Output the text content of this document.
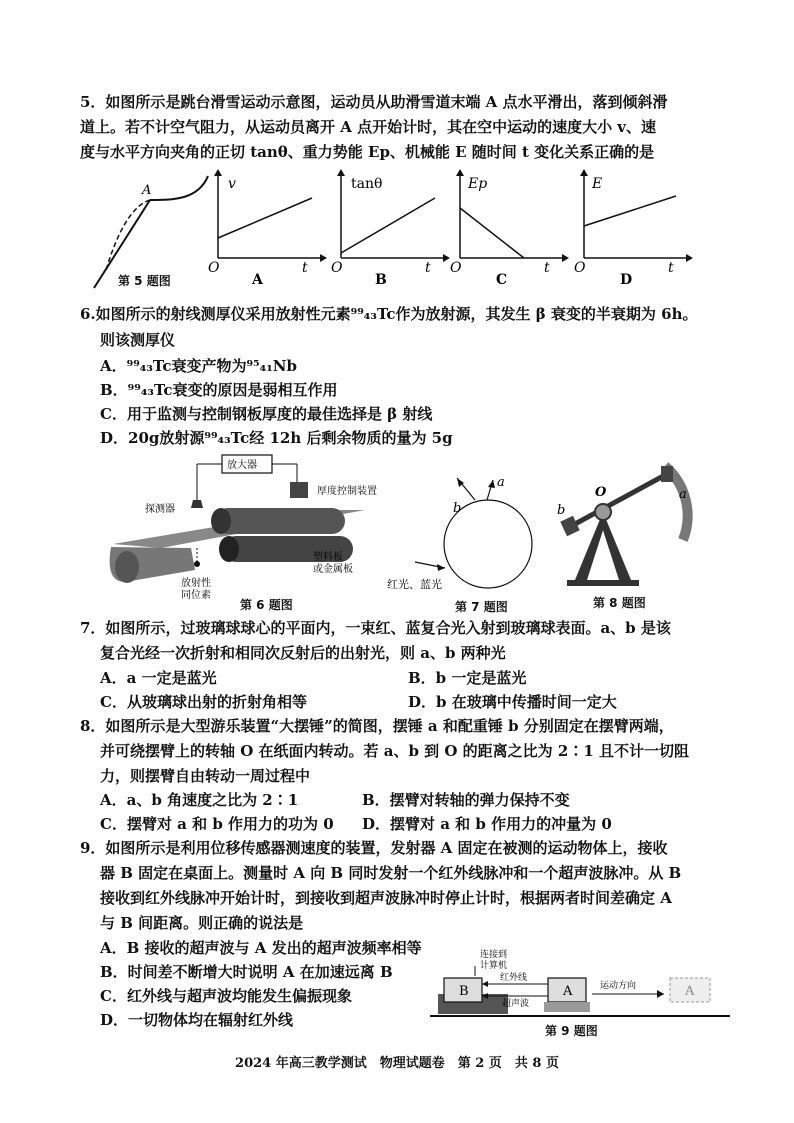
5．如图所示是跳台滑雪运动示意图，运动员从助滑雪道末端 A 点水平滑出，落到倾斜滑
道上。若不计空气阻力，从运动员离开 A 点开始计时，其在空中运动的速度大小 v、速
度与水平方向夹角的正切 tanθ、重力势能 Ep、机械能 E 随时间 t 变化关系正确的是
A
第 5 题图
v
O	t
A
tanθ
O	t
B
Ep
O	t
C
E
O	t
D
6.如图所示的射线测厚仪采用放射性元素⁹⁹₄₃Tc作为放射源，其发生 β 衰变的半衰期为 6h。
则该测厚仪
A．⁹⁹₄₃Tc衰变产物为⁹⁵₄₁Nb
B．⁹⁹₄₃Tc衰变的原因是弱相互作用
C．用于监测与控制钢板厚度的最佳选择是 β 射线
D．20g放射源⁹⁹₄₃Tc经 12h 后剩余物质的量为 5g
放大器
厚度控制装置
探测器
塑料板
或金属板
放射性
同位素
第 6 题图
a
b
红光、蓝光
第 7 题图
O	a
b
第 8 题图
7．如图所示，过玻璃球球心的平面内，一束红、蓝复合光入射到玻璃球表面。a、b 是该
复合光经一次折射和相同次反射后的出射光，则 a、b 两种光
A．a 一定是蓝光	B．b 一定是蓝光
C．从玻璃球出射的折射角相等	D．b 在玻璃中传播时间一定大
8．如图所示是大型游乐装置“大摆锤”的简图，摆锤 a 和配重锤 b 分别固定在摆臂两端，
并可绕摆臂上的转轴 O 在纸面内转动。若 a、b 到 O 的距离之比为 2∶1 且不计一切阻
力，则摆臂自由转动一周过程中
A．a、b 角速度之比为 2∶1	B．摆臂对转轴的弹力保持不变
C．摆臂对 a 和 b 作用力的功为 0 D．摆臂对 a 和 b 作用力的冲量为 0
9．如图所示是利用位移传感器测速度的装置，发射器 A 固定在被测的运动物体上，接收
器 B 固定在桌面上。测量时 A 向 B 同时发射一个红外线脉冲和一个超声波脉冲。从 B
接收到红外线脉冲开始计时，到接收到超声波脉冲时停止计时，根据两者时间差确定 A
与 B 间距离。则正确的说法是
A．B 接收的超声波与 A 发出的超声波频率相等
B．时间差不断增大时说明 A 在加速远离 B
C．红外线与超声波均能发生偏振现象
D．一切物体均在辐射红外线
B	A	A
连接到
计算机
红外线
超声波
运动方向
第 9 题图
2024 年高三教学测试　物理试题卷　第 2 页　共 8 页
